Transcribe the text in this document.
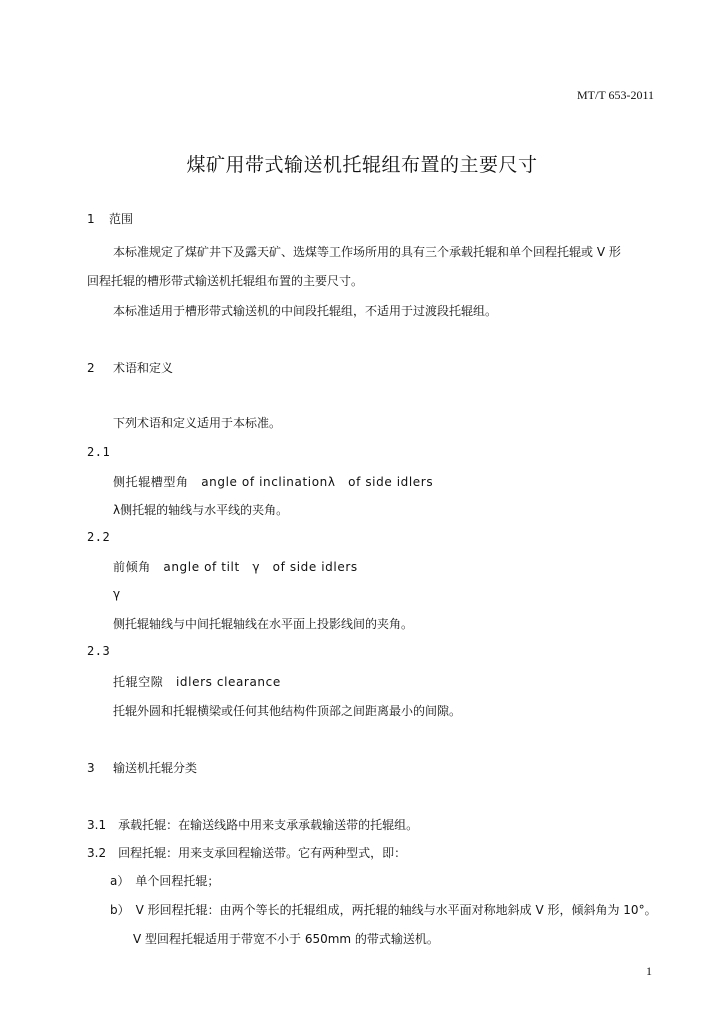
MT/T 653-2011
煤矿用带式输送机托辊组布置的主要尺寸
1 范围
本标准规定了煤矿井下及露天矿、选煤等工作场所用的具有三个承载托辊和单个回程托辊或 V 形
回程托辊的槽形带式输送机托辊组布置的主要尺寸。
本标准适用于槽形带式输送机的中间段托辊组，不适用于过渡段托辊组。
2 术语和定义
下列术语和定义适用于本标准。
2.1
侧托辊槽型角　angle of inclinationλ　of side idlers
λ侧托辊的轴线与水平线的夹角。
2.2
前倾角　angle of tilt　γ　of side idlers
γ
侧托辊轴线与中间托辊轴线在水平面上投影线间的夹角。
2.3
托辊空隙　idlers clearance
托辊外圆和托辊横梁或任何其他结构件顶部之间距离最小的间隙。
3 输送机托辊分类
3.1　承载托辊：在输送线路中用来支承承载输送带的托辊组。
3.2　回程托辊：用来支承回程输送带。它有两种型式，即：
a）　单个回程托辊；
b）　V 形回程托辊：由两个等长的托辊组成，两托辊的轴线与水平面对称地斜成 V 形，倾斜角为 10°。
V 型回程托辊适用于带宽不小于 650mm 的带式输送机。
1
